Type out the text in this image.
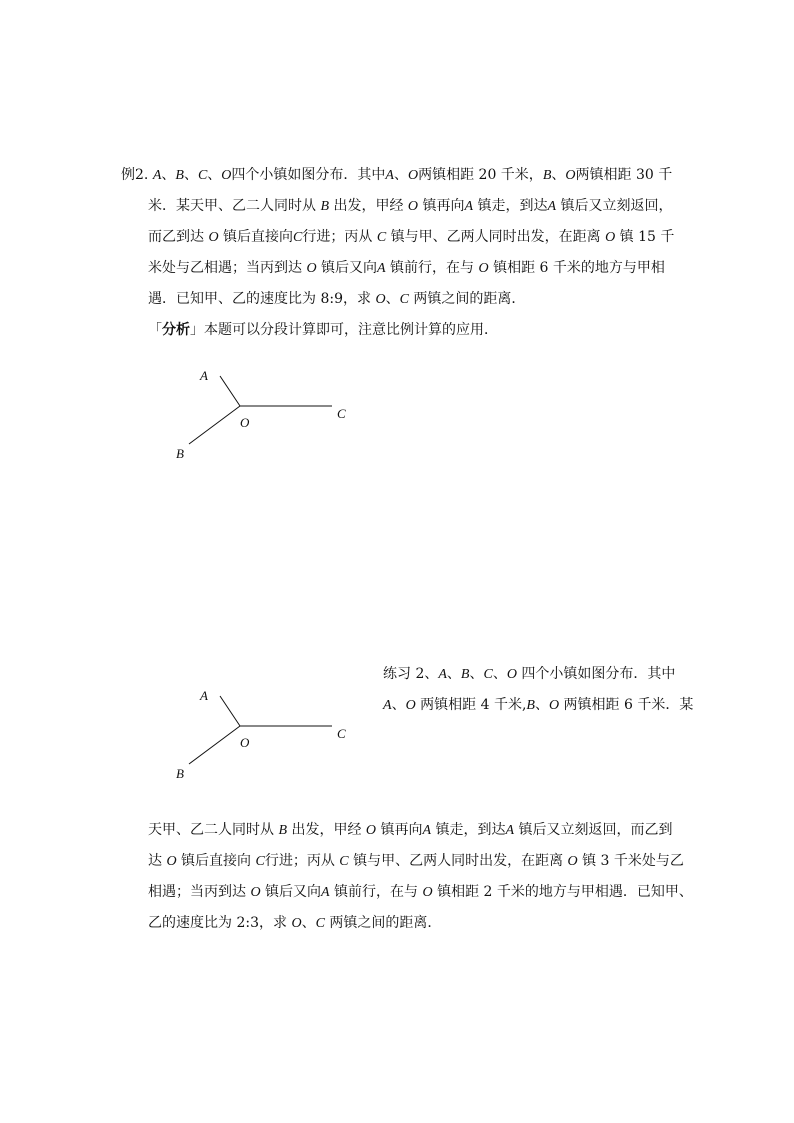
例2. A、B、C、O四个小镇如图分布．其中A、O两镇相距 20 千米，B、O两镇相距 30 千
米．某天甲、乙二人同时从 B 出发，甲经 O 镇再向A 镇走，到达A 镇后又立刻返回，
而乙到达 O 镇后直接向C行进；丙从 C 镇与甲、乙两人同时出发，在距离 O 镇 15 千
米处与乙相遇；当丙到达 O 镇后又向A 镇前行，在与 O 镇相距 6 千米的地方与甲相
遇．已知甲、乙的速度比为 8:9，求 O、C 两镇之间的距离．
「分析」本题可以分段计算即可，注意比例计算的应用．
A
O
C
B
练习 2、A、B、C、O 四个小镇如图分布．其中
A、O 两镇相距 4 千米,B、O 两镇相距 6 千米．某
A
O
C
B
天甲、乙二人同时从 B 出发，甲经 O 镇再向A 镇走，到达A 镇后又立刻返回，而乙到
达 O 镇后直接向 C行进；丙从 C 镇与甲、乙两人同时出发，在距离 O 镇 3 千米处与乙
相遇；当丙到达 O 镇后又向A 镇前行，在与 O 镇相距 2 千米的地方与甲相遇．已知甲、
乙的速度比为 2:3，求 O、C 两镇之间的距离．
